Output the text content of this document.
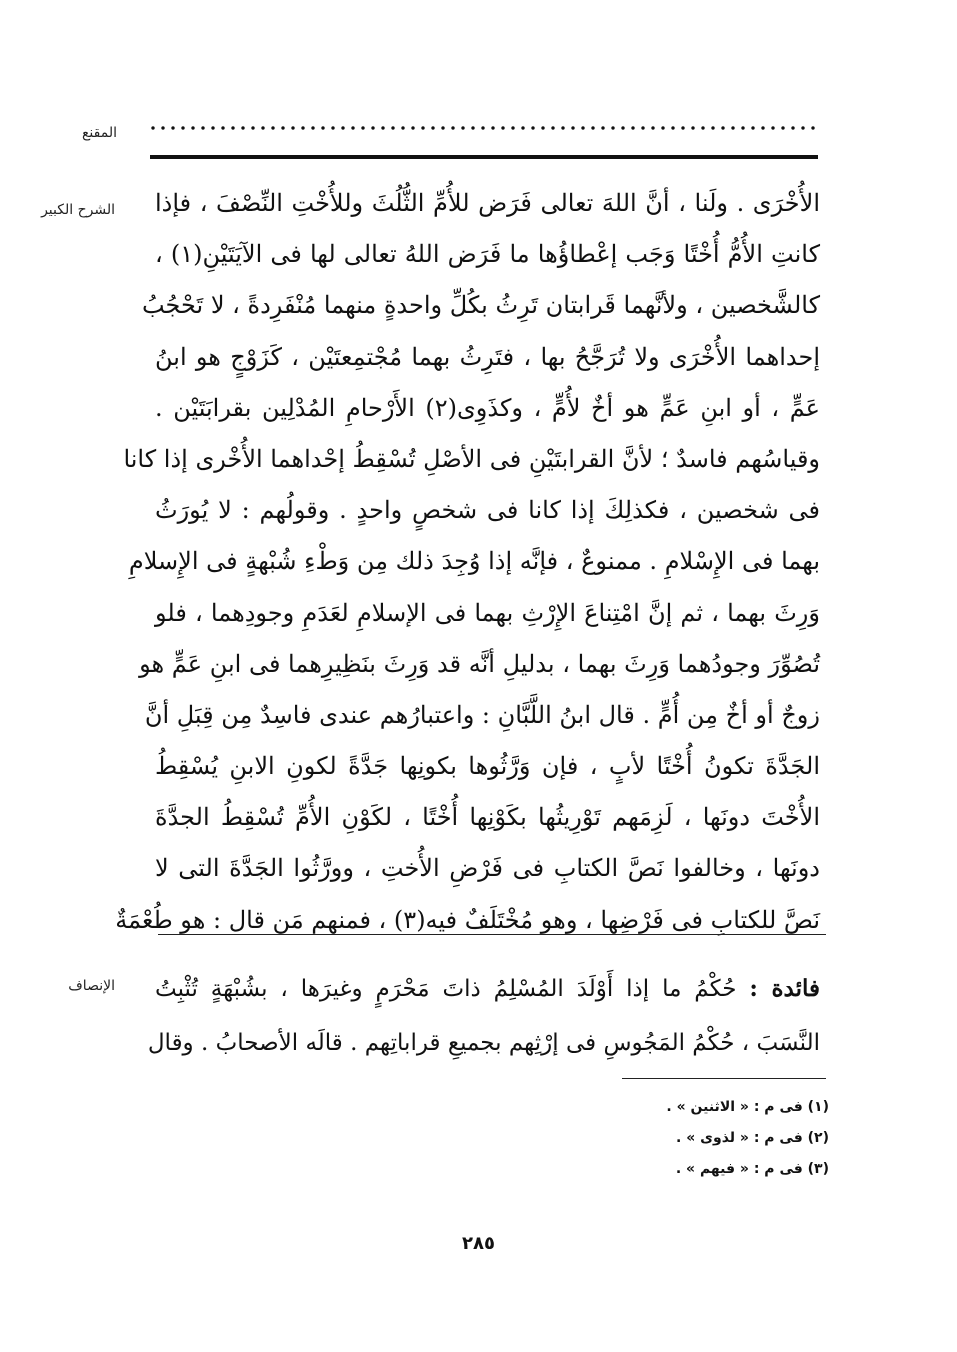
المقنع
الشرح الكبير الأُخْرَى . ولَنا ، أنَّ اللهَ تعالى فَرَض للأُمِّ الثُّلُثَ وللأُخْتِ النِّصْفَ ، فإذا
كانتِ الأُمُّ أُخْتًا وَجَب إعْطاؤُها ما فَرَض اللهُ تعالى لها فى الآيَتَيْنِ(١) ،
كالشَّخصين ، ولأنَّهما قَرابتان تَرِثُ بكُلِّ واحدةٍ منهما مُنْفَرِدةً ، لا تَحْجُبُ
إحداهما الأُخْرَى ولا تُرَجَّحُ بها ، فتَرِثُ بهما مُجْتمِعتَيْن ، كَزَوْجٍ هو ابنُ
عَمٍّ ، أو ابنِ عَمٍّ هو أخٌ لأُمٍّ ، وكذَوِى(٢) الأَرْحامِ المُدْلِين بقرابَتَيْن .
وقياسُهم فاسدٌ ؛ لأنَّ القرابتَيْنِ فى الأصْلِ تُسْقِطُ إحْداهما الأُخْرى إذا كانا
فى شخصين ، فكذلِكَ إذا كانا فى شخصٍ واحدٍ . وقولُهم : لا يُورَثُ
بهما فى الإِسْلامِ . ممنوعٌ ، فإنَّه إذا وُجِدَ ذلك مِن وَطْءِ شُبْهةٍ فى الإِسلامِ
وَرِثَ بهما ، ثم إنَّ امْتِناعَ الإِرْثِ بهما فى الإسلامِ لعَدَمِ وجودِهما ، فلو
تُصُوِّرَ وجودُهما وَرِثَ بهما ، بدليلِ أنَّه قد وَرِثَ بنَظِيرِهما فى ابنِ عَمٍّ هو
زوجٌ أو أخٌ مِن أُمٍّ . قال ابنُ اللَّبَّانِ : واعتبارُهم عندى فاسِدٌ مِن قِبَلِ أنَّ
الجَدَّةَ تكونُ أُخْتًا لأبٍ ، فإن وَرَّثُوها بكونِها جَدَّةً لكونِ الابنِ يُسْقِطُ
الأُخْتَ دونَها ، لَزِمَهم تَوْرِيثُها بكَوْنِها أُخْتًا ، لكَوْنِ الأُمِّ تُسْقِطُ الجدَّةَ
دونَها ، وخالفوا نَصَّ الكتابِ فى فَرْضِ الأُختِ ، وورَّثُوا الجَدَّةَ التى لا
نَصَّ للكتابِ فى فَرْضِها ، وهو مُخْتَلَفٌ فيه(٣) ، فمنهم مَن قال : هو طُعْمَةٌ
الإنصاف	فائدة : حُكْمُ ما إذا أَوْلَدَ المُسْلِمُ ذاتَ مَحْرَمٍ وغيرَها ، بشُبْهَةٍ تُثْبِتُ
النَّسَبَ ، حُكْمُ المَجُوسِ فى إرْثِهم بجميعِ قراباتِهم . قالَه الأصحابُ . وقال
(١) فى م : « الاثنين » .
(٢) فى م : « لذوى » .
(٣) فى م : « فيهم » .
٢٨٥
